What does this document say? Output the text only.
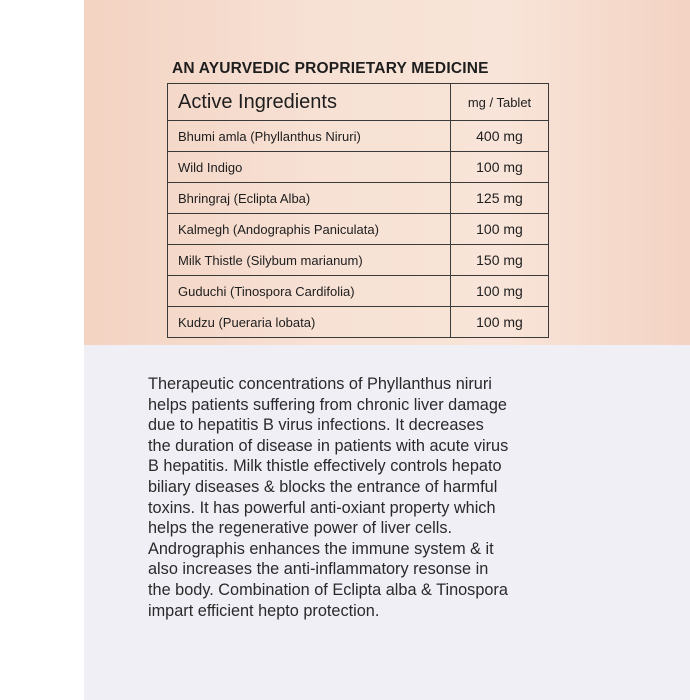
AN AYURVEDIC PROPRIETARY MEDICINE
Active Ingredients	mg / Tablet
Bhumi amla (Phyllanthus Niruri)	400 mg
Wild Indigo	100 mg
Bhringraj (Eclipta Alba)	125 mg
Kalmegh (Andographis Paniculata)	100 mg
Milk Thistle (Silybum marianum)	150 mg
Guduchi (Tinospora Cardifolia)	100 mg
Kudzu (Pueraria lobata)	100 mg
Therapeutic concentrations of Phyllanthus niruri
helps patients suffering from chronic liver damage
due to hepatitis B virus infections. It decreases
the duration of disease in patients with acute virus
B hepatitis. Milk thistle effectively controls hepato
biliary diseases & blocks the entrance of harmful
toxins. It has powerful anti-oxiant property which
helps the regenerative power of liver cells.
Andrographis enhances the immune system & it
also increases the anti-inflammatory resonse in
the body. Combination of Eclipta alba & Tinospora
impart efficient hepto protection.
